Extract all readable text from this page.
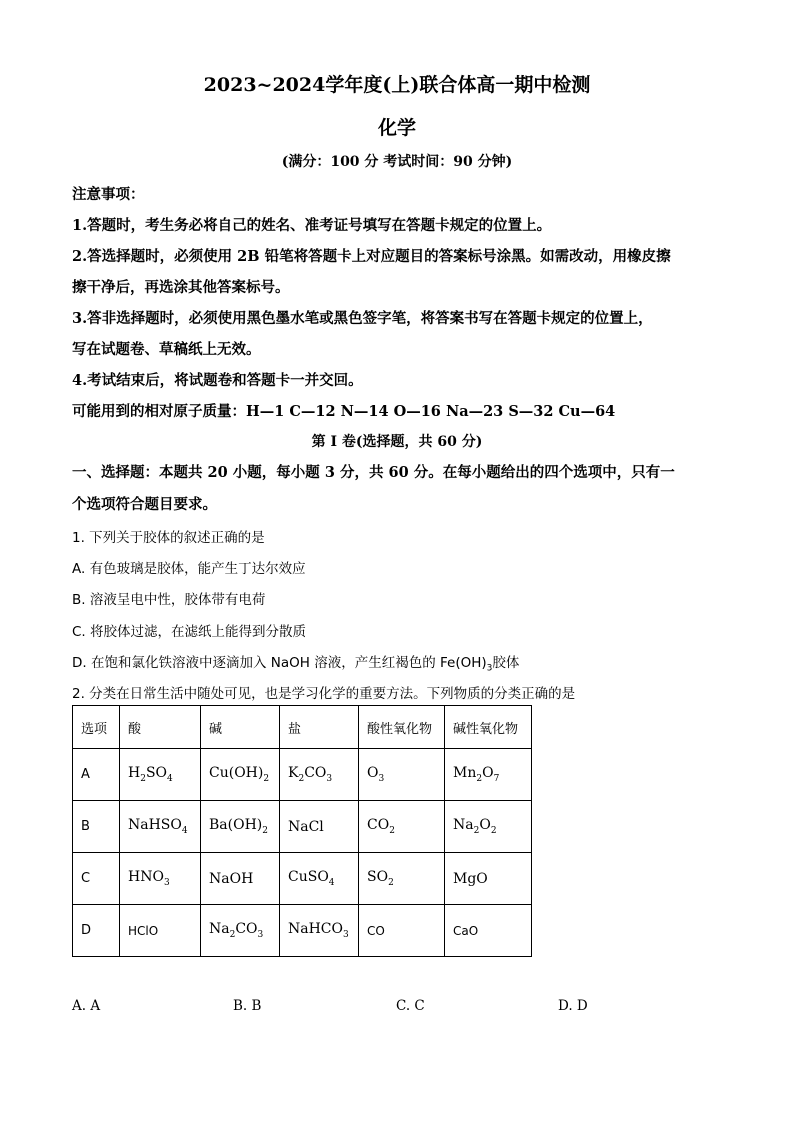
2023~2024学年度(上)联合体高一期中检测
化学
(满分：100 分 考试时间：90 分钟)
注意事项：
1.答题时，考生务必将自己的姓名、准考证号填写在答题卡规定的位置上。
2.答选择题时，必须使用 2B 铅笔将答题卡上对应题目的答案标号涂黑。如需改动，用橡皮擦
擦干净后，再选涂其他答案标号。
3.答非选择题时，必须使用黑色墨水笔或黑色签字笔，将答案书写在答题卡规定的位置上，
写在试题卷、草稿纸上无效。
4.考试结束后，将试题卷和答题卡一并交回。
可能用到的相对原子质量：H—1 C—12 N—14 O—16 Na—23 S—32 Cu—64
第 I 卷(选择题，共 60 分)
一、选择题：本题共 20 小题，每小题 3 分，共 60 分。在每小题给出的四个选项中，只有一
个选项符合题目要求。
1. 下列关于胶体的叙述正确的是
A. 有色玻璃是胶体，能产生丁达尔效应
B. 溶液呈电中性，胶体带有电荷
C. 将胶体过滤，在滤纸上能得到分散质
D. 在饱和氯化铁溶液中逐滴加入 NaOH 溶液，产生红褐色的 $Fe(OH)_3$胶体
2. 分类在日常生活中随处可见，也是学习化学的重要方法。下列物质的分类正确的是
选项	酸	碱	盐	酸性氧化物	碱性氧化物
A	$H_2SO_4$	$Cu(OH)_2$	$K_2CO_3$	$O_3$	$Mn_2O_7$
B	NaHSO$_4$	$Ba(OH)_2$	NaCl	$CO_2$	$Na_2O_2$
C	$HNO_3$	NaOH	CuSO$_4$	$SO_2$	MgO
D	HClO	$Na_2CO_3$	NaHCO$_3$	CO	CaO
A. A	B. B	C. C	D. D
